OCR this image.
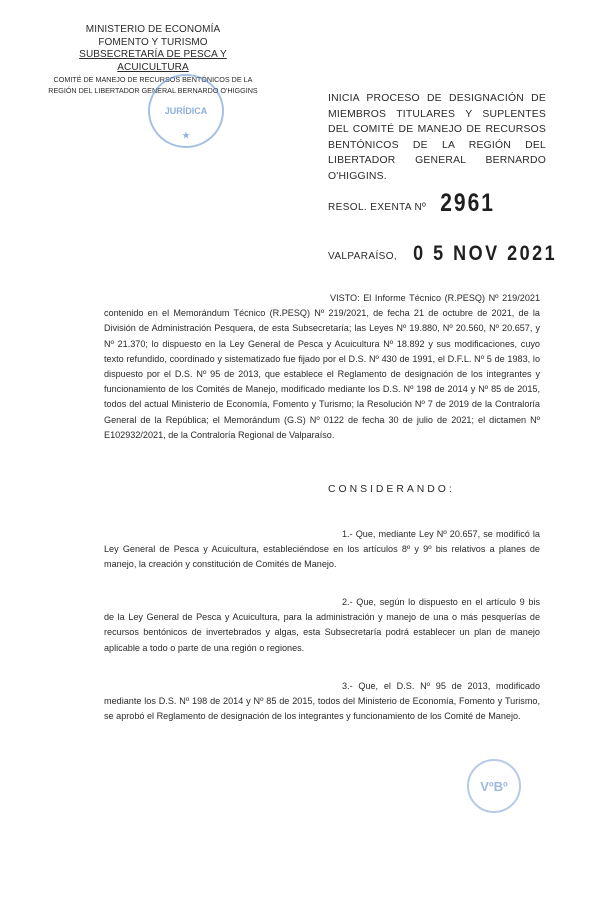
MINISTERIO DE ECONOMÍA
FOMENTO Y TURISMO
SUBSECRETARÍA DE PESCA Y ACUICULTURA
COMITÉ DE MANEJO DE RECURSOS BENTÓNICOS DE LA
REGIÓN DEL LIBERTADOR GENERAL BERNARDO O'HIGGINS
JURÍDICA
★
INICIA PROCESO DE DESIGNACIÓN DE MIEMBROS TITULARES Y SUPLENTES DEL COMITÉ DE MANEJO DE RECURSOS BENTÓNICOS DE LA REGIÓN DEL LIBERTADOR GENERAL BERNARDO O'HIGGINS.
RESOL. EXENTA Nº 2961
VALPARAÍSO, 0 5 NOV 2021
VISTO: El Informe Técnico (R.PESQ) Nº 219/2021 contenido en el Memorándum Técnico (R.PESQ) Nº 219/2021, de fecha 21 de octubre de 2021, de la División de Administración Pesquera, de esta Subsecretaría; las Leyes Nº 19.880, Nº 20.560, Nº 20.657, y Nº 21.370; lo dispuesto en la Ley General de Pesca y Acuicultura Nº 18.892 y sus modificaciones, cuyo texto refundido, coordinado y sistematizado fue fijado por el D.S. Nº 430 de 1991, el D.F.L. Nº 5 de 1983, lo dispuesto por el D.S. Nº 95 de 2013, que establece el Reglamento de designación de los integrantes y funcionamiento de los Comités de Manejo, modificado mediante los D.S. Nº 198 de 2014 y Nº 85 de 2015, todos del actual Ministerio de Economía, Fomento y Turismo; la Resolución Nº 7 de 2019 de la Contraloría General de la República; el Memorándum (G.S) Nº 0122 de fecha 30 de julio de 2021; el dictamen Nº E102932/2021, de la Contraloría Regional de Valparaíso.
CONSIDERANDO:
1.- Que, mediante Ley Nº 20.657, se modificó la Ley General de Pesca y Acuicultura, estableciéndose en los artículos 8º y 9º bis relativos a planes de manejo, la creación y constitución de Comités de Manejo.
2.- Que, según lo dispuesto en el artículo 9 bis de la Ley General de Pesca y Acuicultura, para la administración y manejo de una o más pesquerías de recursos bentónicos de invertebrados y algas, esta Subsecretaría podrá establecer un plan de manejo aplicable a todo o parte de una región o regiones.
3.- Que, el D.S. Nº 95 de 2013, modificado mediante los D.S. Nº 198 de 2014 y Nº 85 de 2015, todos del Ministerio de Economía, Fomento y Turismo, se aprobó el Reglamento de designación de los integrantes y funcionamiento de los Comité de Manejo.
VºBº
